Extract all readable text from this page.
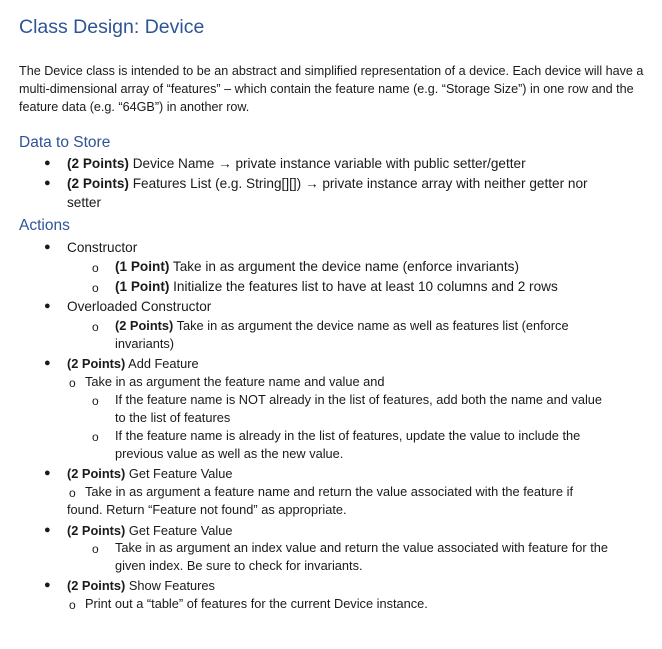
Class Design: Device
The Device class is intended to be an abstract and simplified representation of a device. Each device will have a multi-dimensional array of “features” – which contain the feature name (e.g. “Storage Size”) in one row and the feature data (e.g. “64GB”) in another row.
Data to Store
● (2 Points) Device Name → private instance variable with public setter/getter
● (2 Points) Features List (e.g. String[][]) → private instance array with neither getter nor
setter
Actions
● Constructor
o (1 Point) Take in as argument the device name (enforce invariants)
o (1 Point) Initialize the features list to have at least 10 columns and 2 rows
● Overloaded Constructor
o (2 Points) Take in as argument the device name as well as features list (enforce
invariants)
● (2 Points) Add Feature
o Take in as argument the feature name and value and
o If the feature name is NOT already in the list of features, add both the name and value
to the list of features
o If the feature name is already in the list of features, update the value to include the
previous value as well as the new value.
● (2 Points) Get Feature Value
o Take in as argument a feature name and return the value associated with the feature if
found. Return “Feature not found” as appropriate.
● (2 Points) Get Feature Value
o Take in as argument an index value and return the value associated with feature for the
given index. Be sure to check for invariants.
● (2 Points) Show Features
o Print out a “table” of features for the current Device instance.
